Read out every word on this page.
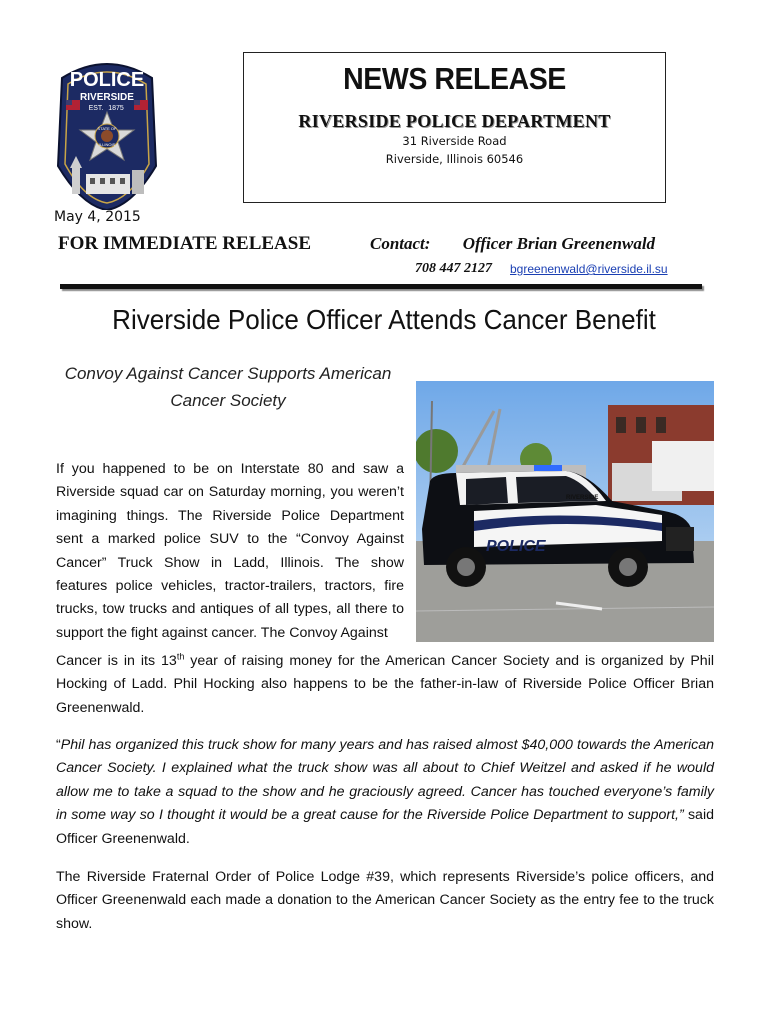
POLICE
RIVERSIDE
EST. 1875
STATE OF
ILLINOIS
NEWS RELEASE
RIVERSIDE POLICE DEPARTMENT
31 Riverside Road
Riverside, Illinois 60546
May 4, 2015
FOR IMMEDIATE RELEASE	Contact: Officer Brian Greenenwald
708 447 2127 bgreenenwald@riverside.il.su
Riverside Police Officer Attends Cancer Benefit
Convoy Against Cancer Supports American Cancer Society
POLICE
RIVERSIDE
If you happened to be on Interstate 80 and saw a Riverside squad car on Saturday morning, you weren’t imagining things. The Riverside Police Department sent a marked police SUV to the “Convoy Against Cancer” Truck Show in Ladd, Illinois. The show features police vehicles, tractor-trailers, tractors, fire trucks, tow trucks and antiques of all types, all there to support the fight against cancer. The Convoy Against
Cancer is in its 13th year of raising money for the American Cancer Society and is organized by Phil Hocking of Ladd. Phil Hocking also happens to be the father-in-law of Riverside Police Officer Brian Greenenwald.
“Phil has organized this truck show for many years and has raised almost $40,000 towards the American Cancer Society. I explained what the truck show was all about to Chief Weitzel and asked if he would allow me to take a squad to the show and he graciously agreed. Cancer has touched everyone’s family in some way so I thought it would be a great cause for the Riverside Police Department to support,” said Officer Greenenwald.
The Riverside Fraternal Order of Police Lodge #39, which represents Riverside’s police officers, and Officer Greenenwald each made a donation to the American Cancer Society as the entry fee to the truck show.
